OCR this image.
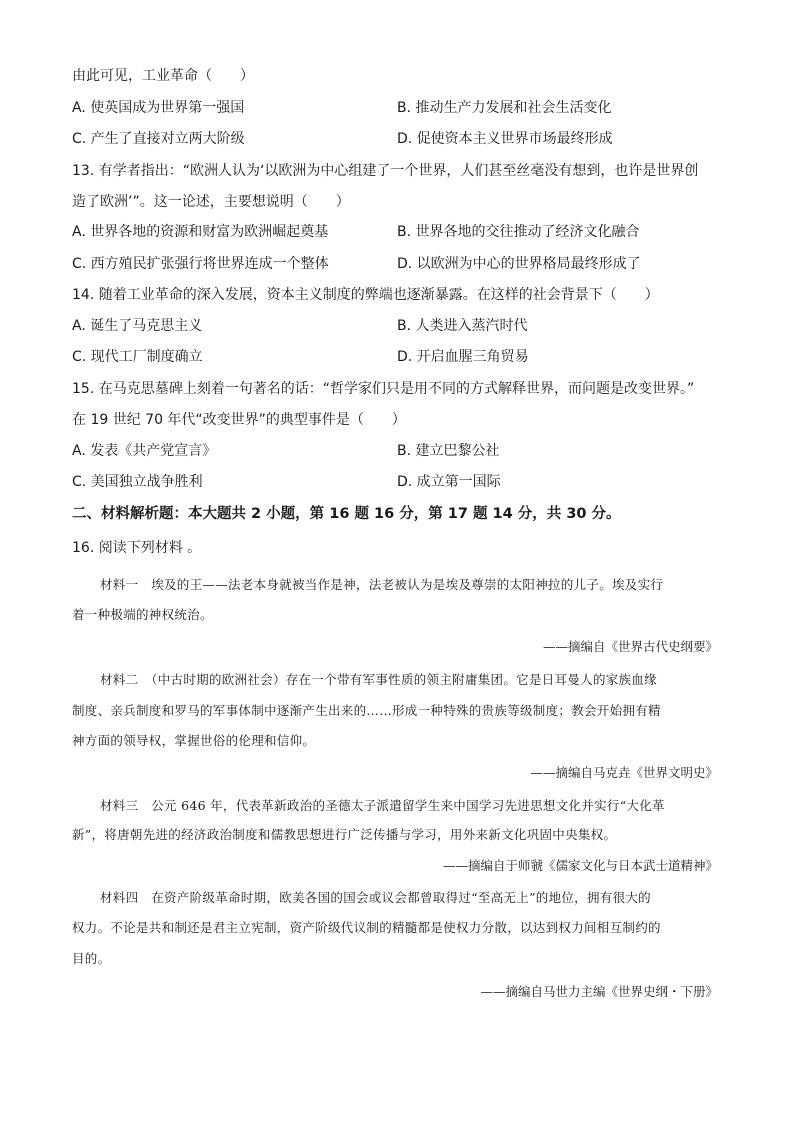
由此可见，工业革命（　　）
A. 使英国成为世界第一强国	B. 推动生产力发展和社会生活变化
C. 产生了直接对立两大阶级	D. 促使资本主义世界市场最终形成
13. 有学者指出：“欧洲人认为‘以欧洲为中心组建了一个世界，人们甚至丝毫没有想到，也许是世界创
造了欧洲’”。这一论述，主要想说明（　　）
A. 世界各地的资源和财富为欧洲崛起奠基	B. 世界各地的交往推动了经济文化融合
C. 西方殖民扩张强行将世界连成一个整体	D. 以欧洲为中心的世界格局最终形成了
14. 随着工业革命的深入发展，资本主义制度的弊端也逐渐暴露。在这样的社会背景下（　　）
A. 诞生了马克思主义	B. 人类进入蒸汽时代
C. 现代工厂制度确立	D. 开启血腥三角贸易
15. 在马克思墓碑上刻着一句著名的话：“哲学家们只是用不同的方式解释世界，而问题是改变世界。”
在 19 世纪 70 年代“改变世界”的典型事件是（　　）
A. 发表《共产党宣言》	B. 建立巴黎公社
C. 美国独立战争胜利	D. 成立第一国际
二、材料解析题：本大题共 2 小题，第 16 题 16 分，第 17 题 14 分，共 30 分。
16. 阅读下列材料 。
材料一　埃及的王——法老本身就被当作是神，法老被认为是埃及尊崇的太阳神拉的儿子。埃及实行
着一种极端的神权统治。
——摘编自《世界古代史纲要》
材料二　（中古时期的欧洲社会）存在一个带有军事性质的领主附庸集团。它是日耳曼人的家族血缘
制度、亲兵制度和罗马的军事体制中逐渐产生出来的……形成一种特殊的贵族等级制度；教会开始拥有精
神方面的领导权，掌握世俗的伦理和信仰。
——摘编自马克垚《世界文明史》
材料三　公元 646 年，代表革新政治的圣德太子派遣留学生来中国学习先进思想文化并实行“大化革
新”，将唐朝先进的经济政治制度和儒教思想进行广泛传播与学习，用外来新文化巩固中央集权。
——摘编自于师虢《儒家文化与日本武士道精神》
材料四　在资产阶级革命时期，欧美各国的国会或议会都曾取得过“至高无上”的地位，拥有很大的
权力。不论是共和制还是君主立宪制，资产阶级代议制的精髓都是使权力分散，以达到权力间相互制约的
目的。
——摘编自马世力主编《世界史纲・下册》
